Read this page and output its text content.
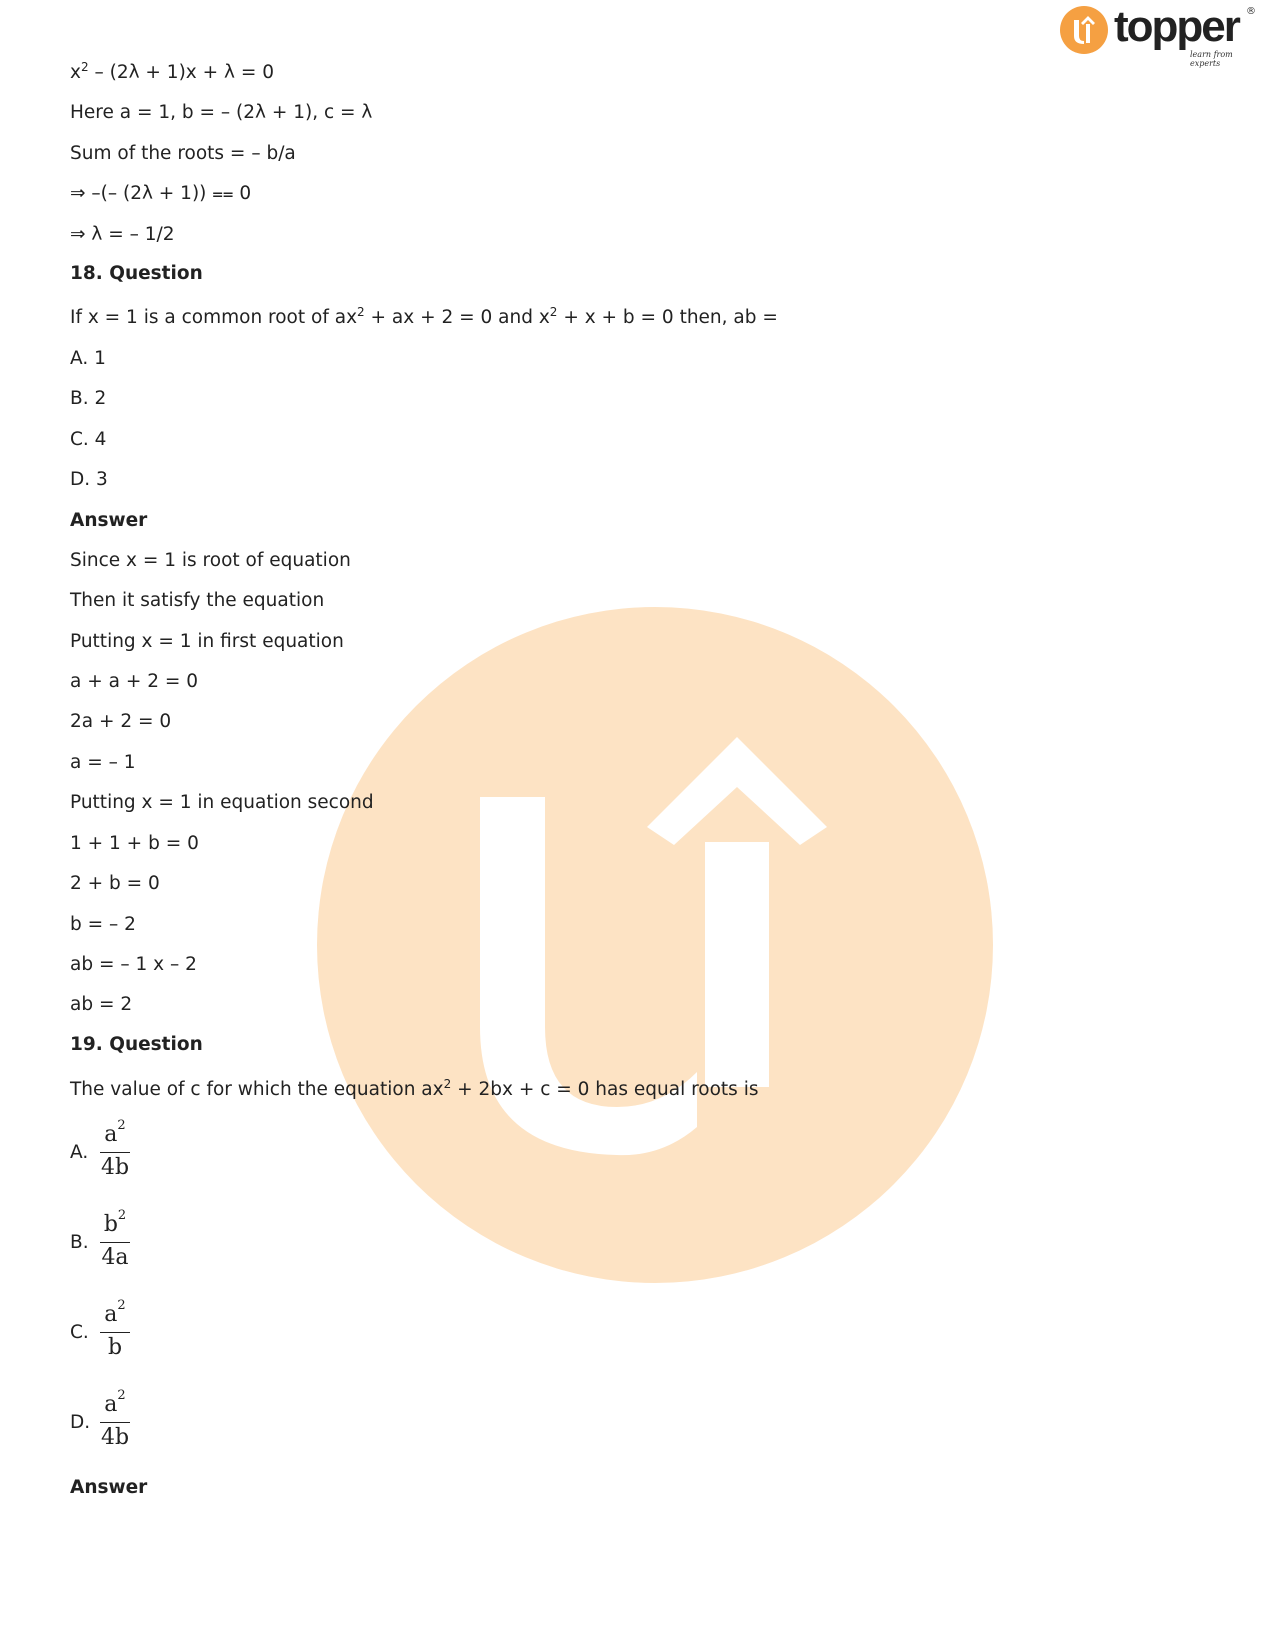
topper
learn from experts
®
$x^2 - (2\lambda + 1)x + \lambda = 0$
Here a = 1, b = – (2λ + 1), c = λ
Sum of the roots = – b/a
⇒ –(– (2λ + 1)) ⩵ 0
⇒ λ = – 1/2
18. Question
If x = 1 is a common root of $ax^2$ + ax + 2 = 0 and $x^2 + x + b = 0$ then, ab =
A. 1
B. 2
C. 4
D. 3
Answer
Since x = 1 is root of equation
Then it satisfy the equation
Putting x = 1 in first equation
a + a + 2 = 0
2a + 2 = 0
a = – 1
Putting x = 1 in equation second
1 + 1 + b = 0
2 + b = 0
b = – 2
ab = – 1 x – 2
ab = 2
19. Question
The value of c for which the equation $ax^2 + 2bx + c = 0$ has equal roots is
A.
$a^2$
4b
B.
$b^2$
4a
C.
$a^2$
b
D.
$a^2$
4b
Answer
